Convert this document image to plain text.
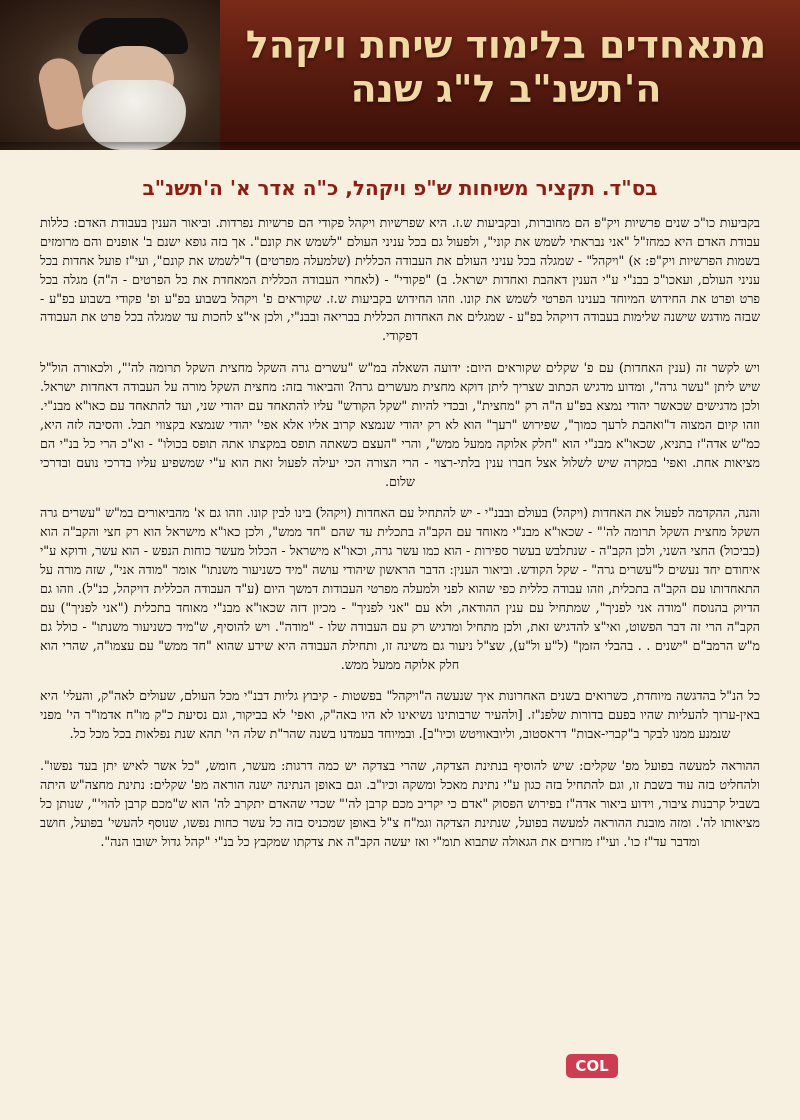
מתאחדים בלימוד שיחת ויקהל
ה'תשנ"ב ל"ג שנה
בס"ד. תקציר משיחות ש"פ ויקהל, כ"ה אדר א' ה'תשנ"ב

בקביעות כו"כ שנים פרשיות ויק"פ הם מחוברות, ובקביעות ש.ז. היא שפרשיות ויקהל פקודי הם פרשיות נפרדות. וביאור הענין בעבודת האדם: כללות עבודת האדם היא כמחז"ל "אני נבראתי לשמש את קוני", ולפעול גם בכל עניני העולם "לשמש את קונם". אך בזה גופא ישנם ב' אופנים והם מרומזים בשמות הפרשיות ויק"פ: א) "ויקהל" - שמגלה בכל עניני העולם את העבודה הכללית (שלמעלה מפרטים) ד"לשמש את קונם", ועי"ז פועל אחדות בכל עניני העולם, ועאכו"כ בבנ"י ע"י הענין דאהבת ואחדות ישראל. ב) "פקודי" - (לאחרי העבודה הכללית המאחדת את כל הפרטים - ה"ה) מגלה בכל פרט ופרט את החידוש המיוחד בענינו הפרטי לשמש את קונו. וזהו החידוש בקביעות ש.ז. שקוראים פ' ויקהל בשבוע בפ"ע ופ' פקודי בשבוע בפ"ע - שבזה מודגש שישנה שלימות בעבודה דויקהל בפ"ע - שמגלים את האחדות הכללית בבריאה ובבנ"י, ולכן אי"צ לחכות עד שמגלה בכל פרט את העבודה דפקודי.

ויש לקשר זה (ענין האחדות) עם פ' שקלים שקוראים היום: ידועה השאלה במ"ש "עשרים גרה השקל מחצית השקל תרומה לה'", ולכאורה הול"ל שיש ליתן "עשר גרה", ומדוע מדגיש הכתוב שצריך ליתן דוקא מחצית מעשרים גרה? והביאור בזה: מחצית השקל מורה על העבודה דאחדות ישראל. ולכן מדגישים שכאשר יהודי נמצא בפ"ע ה"ה רק "מחצית", ובכדי להיות "שקל הקודש" עליו להתאחד עם יהודי שני, ועד להתאחד עם כאו"א מבנ"י. וזהו קיום המצוה ד"ואהבת לרעך כמוך", שפירוש "רעך" הוא לא רק יהודי שנמצא קרוב אליו אלא אפי' יהודי שנמצא בקצווי תבל. והסיבה לזה היא, כמ"ש אדה"ז בתניא, שכאו"א מבנ"י הוא "חלק אלוקה ממעל ממש", והרי "העצם כשאתה תופס במקצתו אתה תופס בכולו" - וא"כ הרי כל בנ"י הם מציאות אחת. ואפי' במקרה שיש לשלול אצל חברו ענין בלתי-רצוי - הרי הצורה הכי יעילה לפעול זאת הוא ע"י שמשפיע עליו בדרכי נועם ובדרכי שלום.

והנה, ההקדמה לפעול את האחדות (ויקהל) בעולם ובבנ"י - יש להתחיל עם האחדות (ויקהל) בינו לבין קונו. וזהו גם א' מהביאורים במ"ש "עשרים גרה השקל מחצית השקל תרומה לה'" - שכאו"א מבנ"י מאוחד עם הקב"ה בתכלית עד שהם "חד ממש", ולכן כאו"א מישראל הוא רק חצי והקב"ה הוא (כביכול) החצי השני, ולכן הקב"ה - שנתלבש בעשר ספירות - הוא כמו עשר גרה, וכאו"א מישראל - הכלול מעשר כוחות הנפש - הוא עשר, ודוקא ע"י איחודם יחד נעשים ל"עשרים גרה" - שקל הקודש. וביאור הענין: הדבר הראשון שיהודי עושה "מיד כשניעור משנתו" אומר "מודה אני", שזה מורה על התאחדותו עם הקב"ה בתכלית, וזהו עבודה כללית כפי שהוא לפני ולמעלה מפרטי העבודות דמשך היום (ע"ד העבודה הכללית דויקהל, כנ"ל). וזהו גם הדיוק בהנוסח "מודה אני לפניך", שמתחיל עם ענין ההודאה, ולא עם "אני לפניך" - מכיון דזה שכאו"א מבנ"י מאוחד בתכלית ("אני לפניך") עם הקב"ה הרי זה דבר הפשוט, ואי"צ להדגיש זאת, ולכן מתחיל ומדגיש רק עם העבודה שלו - "מודה". ויש להוסיף, ש"מיד כשניעור משנתו" - כולל גם מ"ש הרמב"ם "ישנים . . בהבלי הזמן" (ל"ע ול"ע), שצ"ל ניעור גם משינה זו, ותחילת העבודה היא שידע שהוא "חד ממש" עם עצמו"ה, שהרי הוא חלק אלוקה ממעל ממש.

כל הנ"ל בהדגשה מיוחדת, כשרואים בשנים האחרונות איך שנעשה ה"ויקהל" בפשטות - קיבוץ גליות דבנ"י מכל העולם, שעולים לאה"ק, והעלי' היא באין-ערוך להעליות שהיו בפעם בדורות שלפנ"ז. [ולהעיר שרבותינו נשיאינו לא היו באה"ק, ואפי' לא בביקור, וגם נסיעת כ"ק מו"ח אדמו"ר הי' מפני שנמנע ממנו לבקר ב"קברי-אבות" דראסטוב, וליובאוויטש וכיו"ב]. ובמיוחד בעמדנו בשנה שהר"ת שלה הי' תהא שנת נפלאות בכל מכל כל.

ההוראה למעשה בפועל מפ' שקלים: שיש להוסיף בנתינת הצדקה, שהרי בצדקה יש כמה דרגות: מעשר, חומש, "כל אשר לאיש יתן בעד נפשו". ולהחליט בזה עוד בשבת זו, וגם להתחיל בזה כגון ע"י נתינת מאכל ומשקה וכיו"ב. וגם באופן הנתינה ישנה הוראה מפ' שקלים: נתינת מחצה"ש היתה בשביל קרבנות ציבור, וידוע ביאור אדה"ז בפירוש הפסוק "אדם כי יקריב מכם קרבן לה'" שכדי שהאדם יתקרב לה' הוא ש"מכם קרבן להוי'", שנותן כל מציאותו לה'. ומזה מובנת ההוראה למעשה בפועל, שנתינת הצדקה וגמ"ח צ"ל באופן שמכניס בזה כל עשר כחות נפשו, שנוסף להעשי' בפועל, חושב ומדבר עד"ז כו'. ועי"ז מזרזים את הגאולה שתבוא תומ"י ואז יעשה הקב"ה את צדקתו שמקבץ כל בנ"י "קהל גדול ישובו הנה".

COL
